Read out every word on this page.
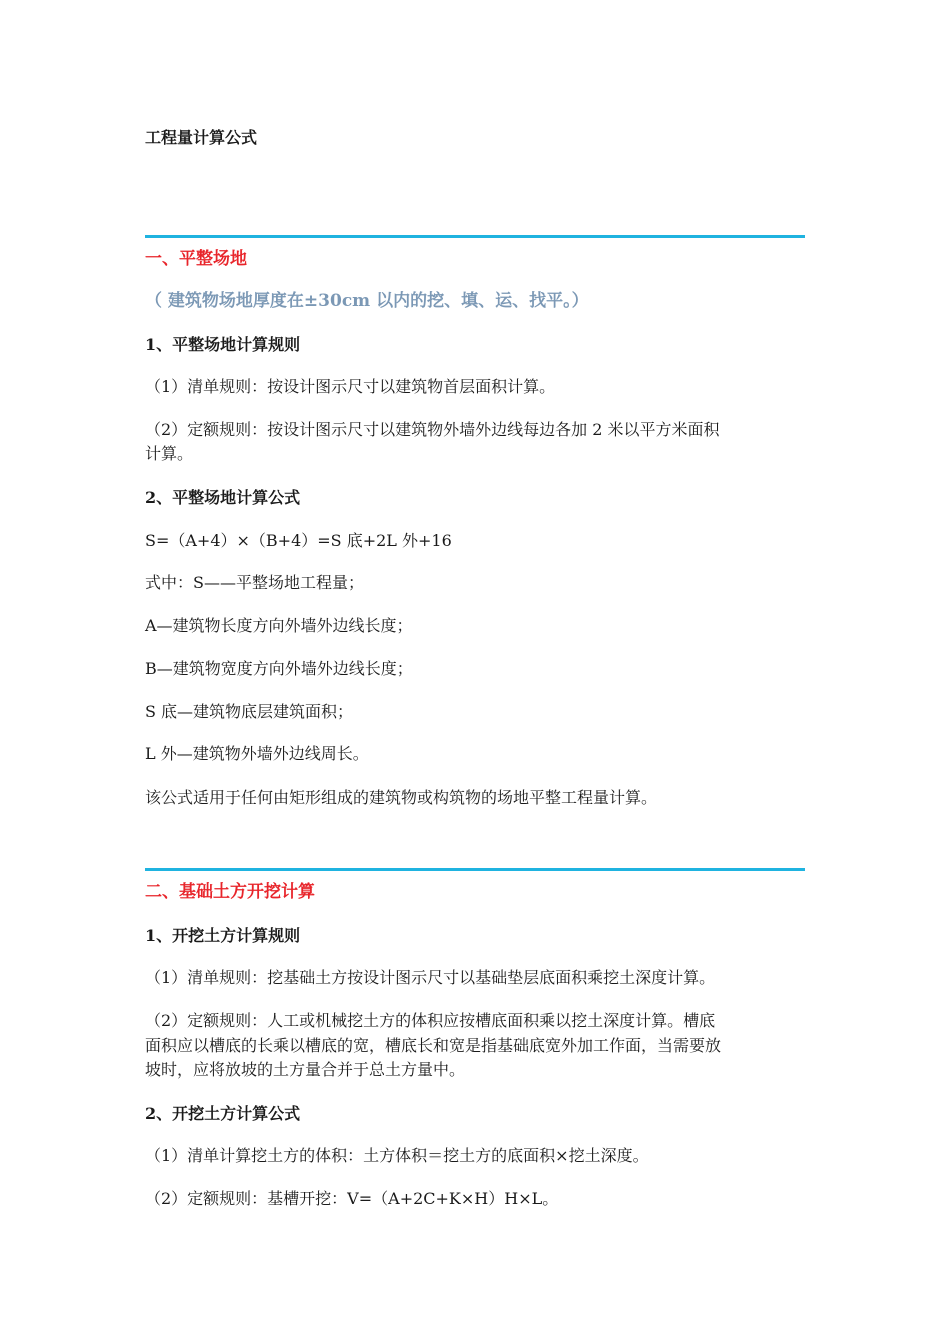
工程量计算公式
一、平整场地
（ 建筑物场地厚度在±30cm 以内的挖、填、运、找平。）
1、平整场地计算规则
（1）清单规则：按设计图示尺寸以建筑物首层面积计算。
（2）定额规则：按设计图示尺寸以建筑物外墙外边线每边各加 2 米以平方米面积
计算。
2、平整场地计算公式
S=（A+4）×（B+4）=S 底+2L 外+16
式中：S——平整场地工程量；
A—建筑物长度方向外墙外边线长度；
B—建筑物宽度方向外墙外边线长度；
S 底—建筑物底层建筑面积；
L 外—建筑物外墙外边线周长。
该公式适用于任何由矩形组成的建筑物或构筑物的场地平整工程量计算。
二、基础土方开挖计算
1、开挖土方计算规则
（1）清单规则：挖基础土方按设计图示尺寸以基础垫层底面积乘挖土深度计算。
（2）定额规则：人工或机械挖土方的体积应按槽底面积乘以挖土深度计算。槽底
面积应以槽底的长乘以槽底的宽，槽底长和宽是指基础底宽外加工作面，当需要放
坡时，应将放坡的土方量合并于总土方量中。
2、开挖土方计算公式
（1）清单计算挖土方的体积：土方体积＝挖土方的底面积×挖土深度。
（2）定额规则：基槽开挖：V=（A+2C+K×H）H×L。
